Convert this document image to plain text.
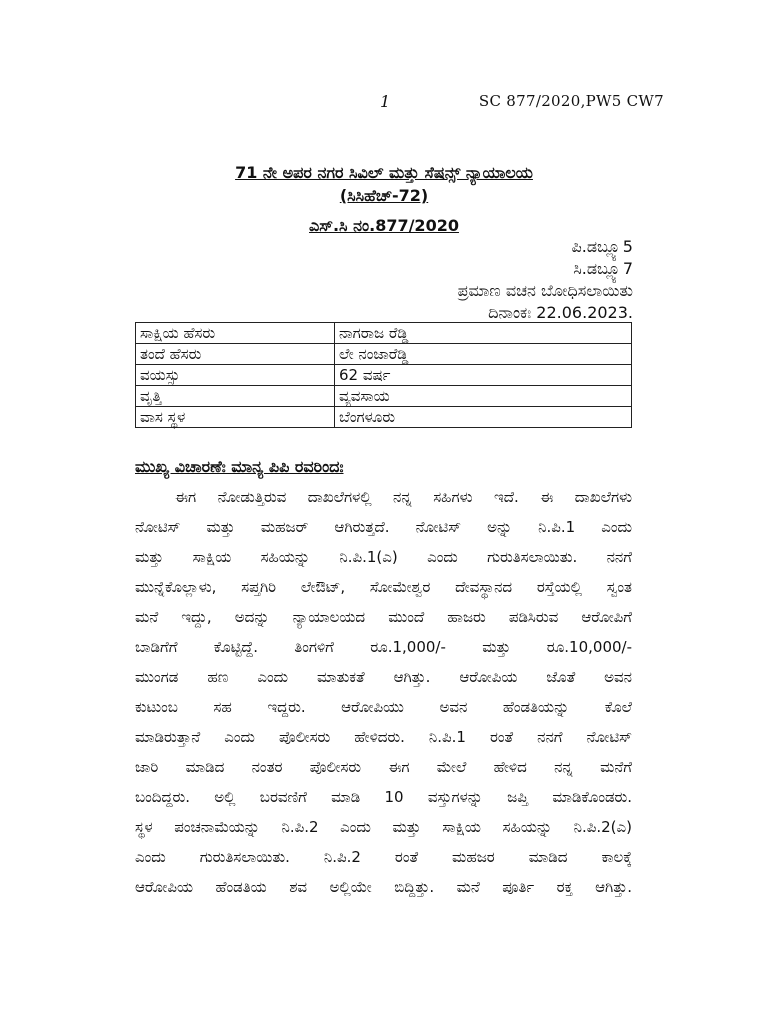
1	SC 877/2020,PW5 CW7
71 ನೇ ಅಪರ ನಗರ ಸಿವಿಲ್ ಮತ್ತು ಸೆಷನ್ಸ್ ನ್ಯಾಯಾಲಯ
(ಸಿಸಿಹೆಚ್-72)
ಎಸ್.ಸಿ ನಂ.877/2020
ಪಿ.ಡಬ್ಲ್ಯೂ5
ಸಿ.ಡಬ್ಲ್ಯೂ7
ಪ್ರಮಾಣ ವಚನ ಬೋಧಿಸಲಾಯಿತು
ದಿನಾಂಕಃ 22.06.2023.
ಸಾಕ್ಷಿಯ ಹೆಸರು	ನಾಗರಾಜ ರೆಡ್ಡಿ
ತಂದೆ ಹೆಸರು	ಲೇ ನಂಜಾರೆಡ್ಡಿ
ವಯಸ್ಸು	62 ವರ್ಷ
ವೃತ್ತಿ	ವ್ಯವಸಾಯ
ವಾಸ ಸ್ಥಳ	ಬೆಂಗಳೂರು
ಮುಖ್ಯ ವಿಚಾರಣೆಃ ಮಾನ್ಯ ಪಿಪಿ ರವರಿಂದಃ
ಈಗ ನೋಡುತ್ತಿರುವ ದಾಖಲೆಗಳಲ್ಲಿ ನನ್ನ ಸಹಿಗಳು ಇದೆ. ಈ ದಾಖಲೆಗಳು
ನೋಟಿಸ್ ಮತ್ತು ಮಹಜರ್ ಆಗಿರುತ್ತದೆ. ನೋಟಿಸ್ ಅನ್ನು ನಿ.ಪಿ.1 ಎಂದು
ಮತ್ತು ಸಾಕ್ಷಿಯ ಸಹಿಯನ್ನು ನಿ.ಪಿ.1(ಎ) ಎಂದು ಗುರುತಿಸಲಾಯಿತು. ನನಗೆ
ಮುನ್ನೆಕೊಲ್ಲಾಳು, ಸಪ್ತಗಿರಿ ಲೇಔಟ್, ಸೋಮೇಶ್ವರ ದೇವಸ್ಥಾನದ ರಸ್ತೆಯಲ್ಲಿ ಸ್ವಂತ
ಮನೆ ಇದ್ದು, ಅದನ್ನು ನ್ಯಾಯಾಲಯದ ಮುಂದೆ ಹಾಜರು ಪಡಿಸಿರುವ ಆರೋಪಿಗೆ
ಬಾಡಿಗೆಗೆ ಕೊಟ್ಟಿದ್ದೆ. ತಿಂಗಳಿಗೆ ರೂ.1,000/- ಮತ್ತು ರೂ.10,000/-
ಮುಂಗಡ ಹಣ ಎಂದು ಮಾತುಕತೆ ಆಗಿತ್ತು. ಆರೋಪಿಯ ಜೊತೆ ಅವನ
ಕುಟುಂಬ ಸಹ ಇದ್ದರು. ಆರೋಪಿಯು ಅವನ ಹೆಂಡತಿಯನ್ನು ಕೊಲೆ
ಮಾಡಿರುತ್ತಾನೆ ಎಂದು ಪೊಲೀಸರು ಹೇಳಿದರು. ನಿ.ಪಿ.1 ರಂತೆ ನನಗೆ ನೋಟಿಸ್
ಜಾರಿ ಮಾಡಿದ ನಂತರ ಪೊಲೀಸರು ಈಗ ಮೇಲೆ ಹೇಳಿದ ನನ್ನ ಮನೆಗೆ
ಬಂದಿದ್ದರು. ಅಲ್ಲಿ ಬರವಣಿಗೆ ಮಾಡಿ 10 ವಸ್ತುಗಳನ್ನು ಜಪ್ತಿ ಮಾಡಿಕೊಂಡರು.
ಸ್ಥಳ ಪಂಚನಾಮೆಯನ್ನು ನಿ.ಪಿ.2 ಎಂದು ಮತ್ತು ಸಾಕ್ಷಿಯ ಸಹಿಯನ್ನು ನಿ.ಪಿ.2(ಎ)
ಎಂದು ಗುರುತಿಸಲಾಯಿತು. ನಿ.ಪಿ.2 ರಂತೆ ಮಹಜರ ಮಾಡಿದ ಕಾಲಕ್ಕೆ
ಆರೋಪಿಯ ಹೆಂಡತಿಯ ಶವ ಅಲ್ಲಿಯೇ ಬಿದ್ದಿತ್ತು. ಮನೆ ಪೂರ್ತಿ ರಕ್ತ ಆಗಿತ್ತು.
